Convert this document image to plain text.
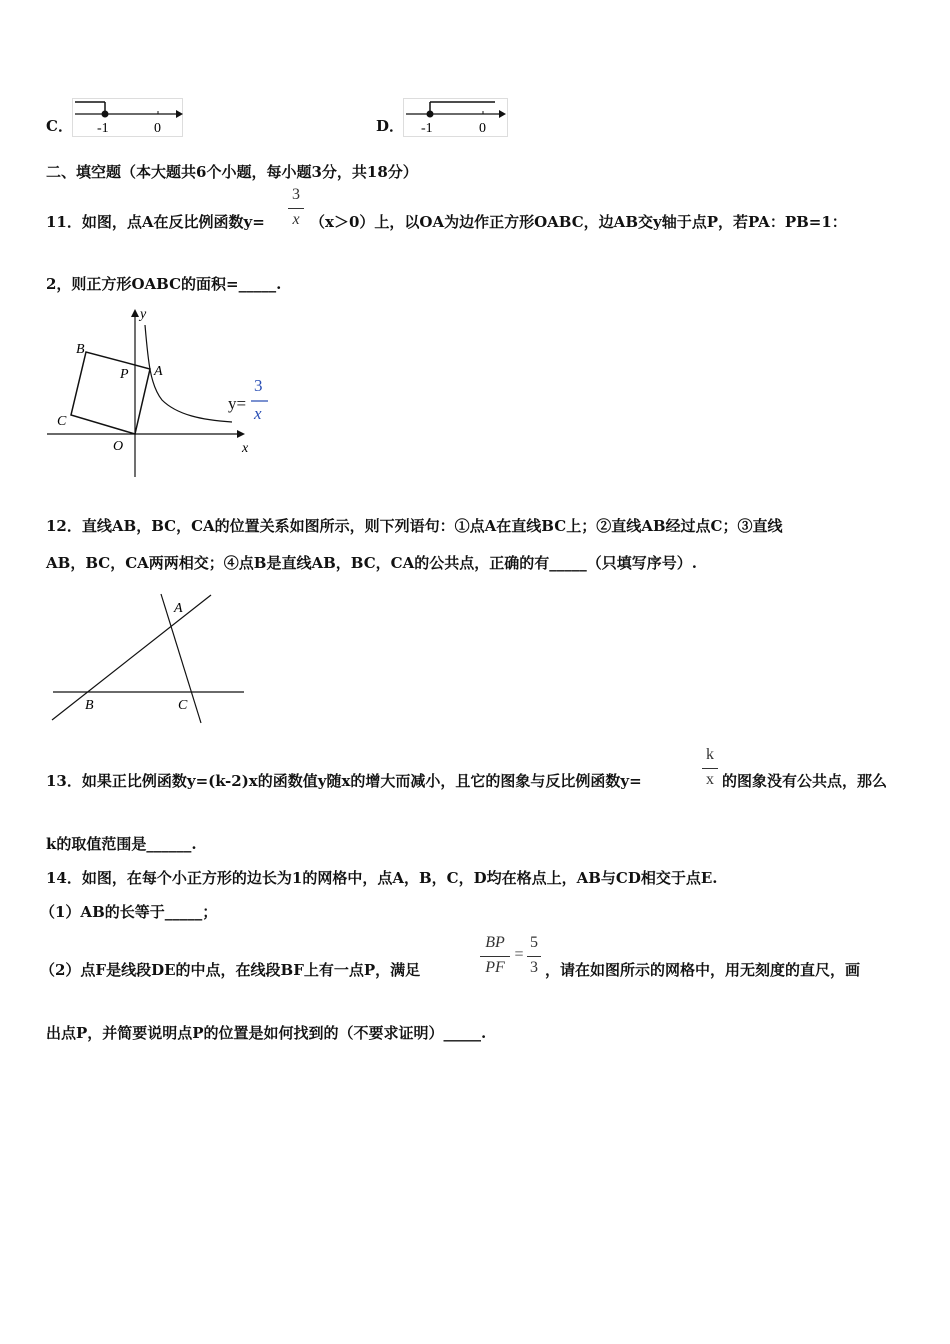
C． -1	0	D． -1	0
二、填空题（本大题共6个小题，每小题3分，共18分）
11．如图，点A在反比例函数y=
3
x （x＞0）上，以OA为边作正方形OABC，边AB交y轴于点P，若PA：PB=1：
2，则正方形OABC的面积=_____.
B
A
P
C
O	x
y
y=
3
x
12．直线AB，BC，CA的位置关系如图所示，则下列语句：①点A在直线BC上；②直线AB经过点C；③直线
AB，BC，CA两两相交；④点B是直线AB，BC，CA的公共点，正确的有_____（只填写序号）.
A
B	C
13．如果正比例函数y=(k-2)x的函数值y随x的增大而减小，且它的图象与反比例函数y=
k
x 的图象没有公共点，那么
k的取值范围是______.
14．如图，在每个小正方形的边长为1的网格中，点A，B，C，D均在格点上，AB与CD相交于点E.
（1）AB的长等于_____；
（2）点F是线段DE的中点，在线段BF上有一点P，满足
BP
PF
=
5
3 ，请在如图所示的网格中，用无刻度的直尺，画
出点P，并简要说明点P的位置是如何找到的（不要求证明）_____.
